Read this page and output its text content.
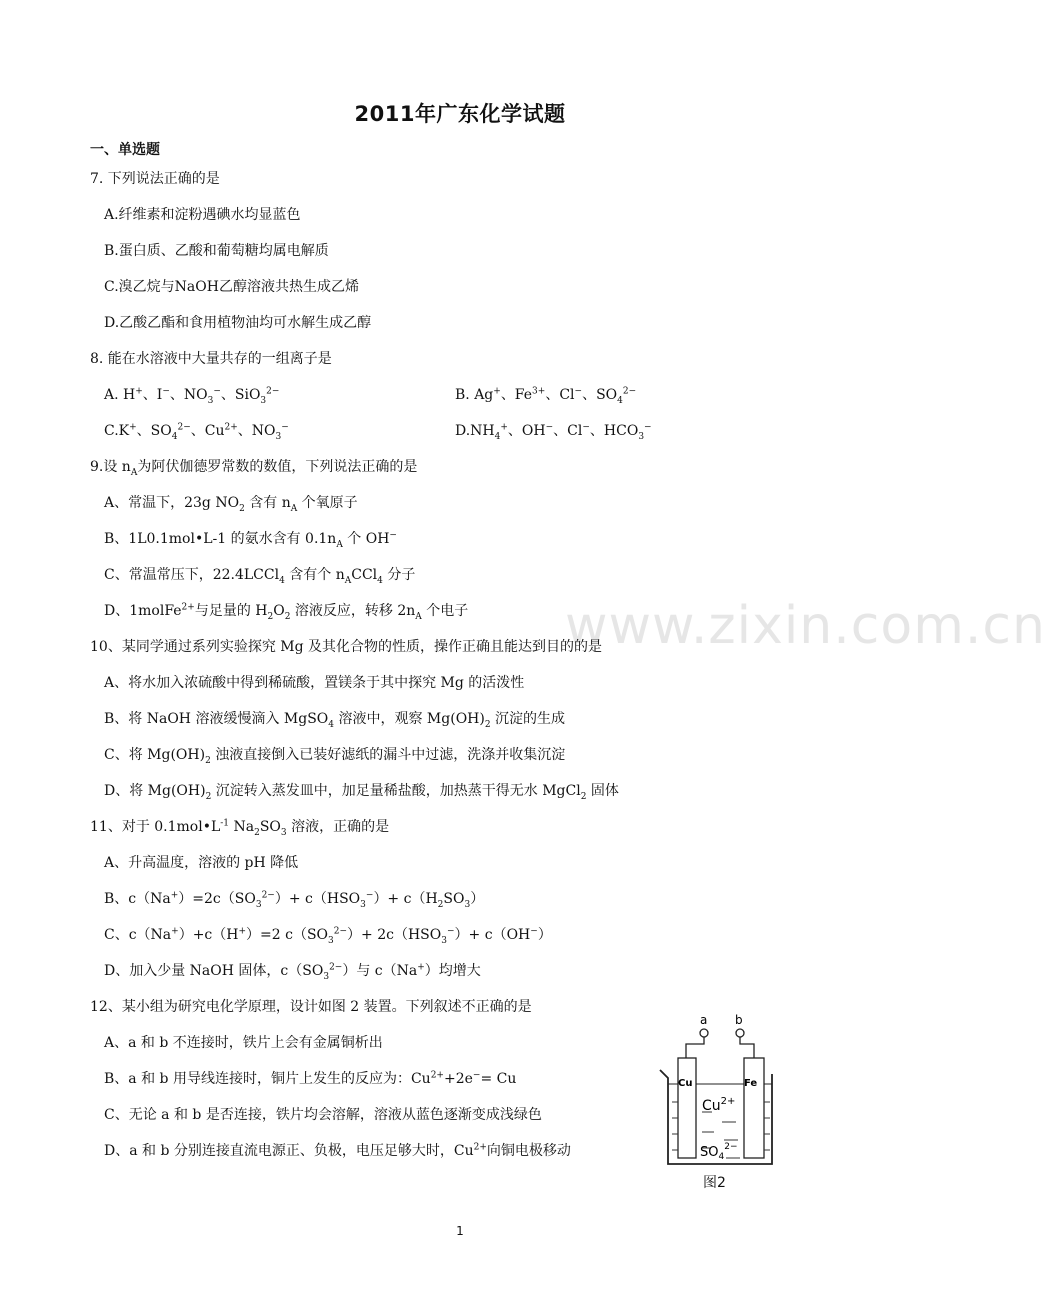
2011年广东化学试题
一、单选题
www.zixin.com.cn
7. 下列说法正确的是
A.纤维素和淀粉遇碘水均显蓝色
B.蛋白质、乙酸和葡萄糖均属电解质
C.溴乙烷与NaOH乙醇溶液共热生成乙烯
D.乙酸乙酯和食用植物油均可水解生成乙醇
8. 能在水溶液中大量共存的一组离子是
A. H+、I−、$NO_3^-$、SiO$_3^{2-}$	B. Ag+、$Fe^{3+}$、Cl−、$SO_4^{2-}$
C.K+、$SO_4^{2-}$、$Cu^{2+}$、$NO_3^-$	$D.NH_4^+$、OH−、Cl−、$HCO_3^-$
9.设 $n_A$为阿伏伽德罗常数的数值，下列说法正确的是
A、常温下，23g $NO_2$ 含有 $n_A$ 个氧原子
B、1L0.1mol•L-1 的氨水含有 $0.1n_A$ 个 OH−
C、常温常压下，22.4LCCl$_4$ 含有个 $n_ACCl_4$ 分子
D、1molFe$^{2+}$与足量的 $H_2O_2$ 溶液反应，转移 $2n_A$ 个电子
10、某同学通过系列实验探究 Mg 及其化合物的性质，操作正确且能达到目的的是
A、将水加入浓硫酸中得到稀硫酸，置镁条于其中探究 Mg 的活泼性
B、将 NaOH 溶液缓慢滴入 MgSO$_4$ 溶液中，观察 $Mg(OH)_2$ 沉淀的生成
C、将 $Mg(OH)_2$ 浊液直接倒入已装好滤纸的漏斗中过滤，洗涤并收集沉淀
D、将 $Mg(OH)_2$ 沉淀转入蒸发皿中，加足量稀盐酸，加热蒸干得无水 MgCl$_2$ 固体
11、对于 $0.1mol•L^{-1}$ $Na_2SO_3$ 溶液，正确的是
A、升高温度，溶液的 pH 降低
B、$c(Na^+)=2c(SO_3^{2-})+ c(HSO_3^-)+ c(H_2SO_3)$
C、c（Na+）+c（H+）=2 $c(SO_3^{2-})+ 2c(HSO_3^-)+ c(OH^-)$
D、加入少量 NaOH 固体，$c(SO_3^{2-})$与 c（Na+）均增大
12、某小组为研究电化学原理，设计如图 2 装置。下列叙述不正确的是
A、a 和 b 不连接时，铁片上会有金属铜析出
B、a 和 b 用导线连接时，铜片上发生的反应为：$Cu^{2+}+2e^-= Cu$
C、无论 a 和 b 是否连接，铁片均会溶解，溶液从蓝色逐渐变成浅绿色
D、a 和 b 分别连接直流电源正、负极，电压足够大时，$Cu^{2+}$向铜电极移动
a b
Cu	Fe
$Cu^{2+}$
$SO_4^{2-}$
图2
1
